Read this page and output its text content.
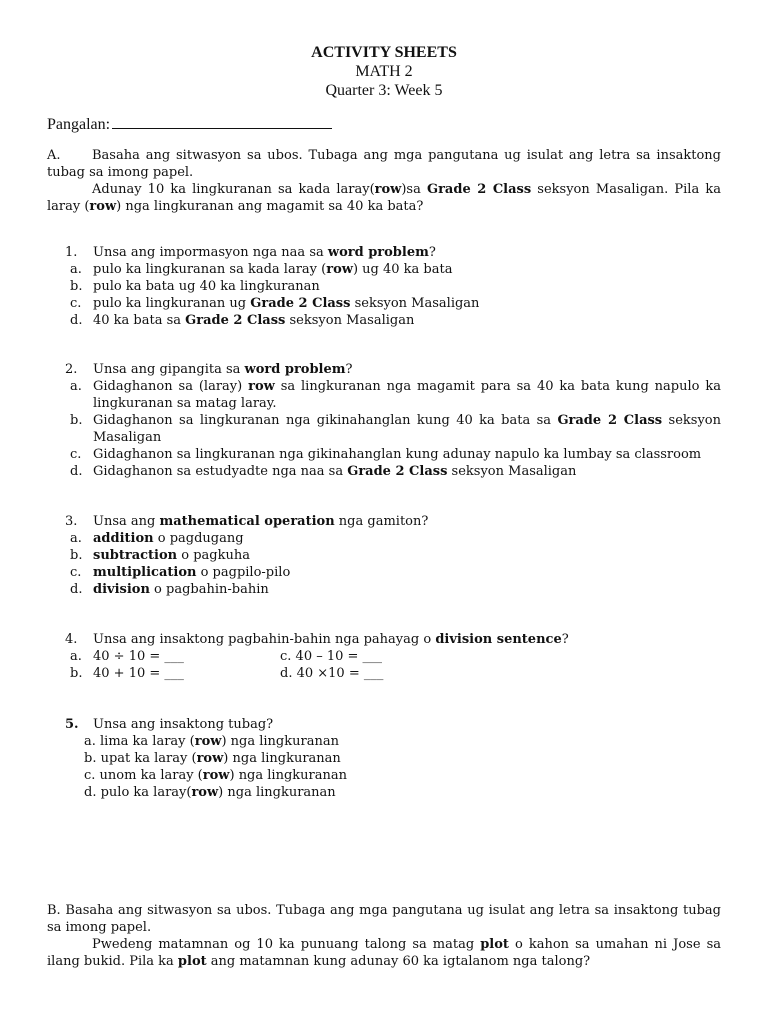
ACTIVITY SHEETS
MATH 2
Quarter 3: Week 5
Pangalan:
A. Basaha ang sitwasyon sa ubos. Tubaga ang mga pangutana ug isulat ang letra sa insaktong tubag sa imong papel.
Adunay 10 ka lingkuranan sa kada laray(row)sa Grade 2 Class seksyon Masaligan. Pila ka laray (row) nga lingkuranan ang magamit sa 40 ka bata?
1. Unsa ang impormasyon nga naa sa word problem?
a. pulo ka lingkuranan sa kada laray (row) ug 40 ka bata
b. pulo ka bata ug 40 ka lingkuranan
c. pulo ka lingkuranan ug Grade 2 Class seksyon Masaligan
d. 40 ka bata sa Grade 2 Class seksyon Masaligan
2. Unsa ang gipangita sa word problem?
a. Gidaghanon sa (laray) row sa lingkuranan nga magamit para sa 40 ka bata kung napulo ka lingkuranan sa matag laray.
b. Gidaghanon sa lingkuranan nga gikinahanglan kung 40 ka bata sa Grade 2 Class seksyon Masaligan
c. Gidaghanon sa lingkuranan nga gikinahanglan kung adunay napulo ka lumbay sa classroom
d. Gidaghanon sa estudyadte nga naa sa Grade 2 Class seksyon Masaligan
3. Unsa ang mathematical operation nga gamiton?
a. addition o pagdugang
b. subtraction o pagkuha
c. multiplication o pagpilo-pilo
d. division o pagbahin-bahin
4. Unsa ang insaktong pagbahin-bahin nga pahayag o division sentence?
a. 40 ÷ 10 = ___	c. 40 – 10 = ___
b. 40 + 10 = ___	d. 40 ×10 = ___
5. Unsa ang insaktong tubag?
a. lima ka laray (row) nga lingkuranan
b. upat ka laray (row) nga lingkuranan
c. unom ka laray (row) nga lingkuranan
d. pulo ka laray(row) nga lingkuranan
B. Basaha ang sitwasyon sa ubos. Tubaga ang mga pangutana ug isulat ang letra sa insaktong tubag sa imong papel.
Pwedeng matamnan og 10 ka punuang talong sa matag plot o kahon sa umahan ni Jose sa ilang bukid. Pila ka plot ang matamnan kung adunay 60 ka igtalanom nga talong?
